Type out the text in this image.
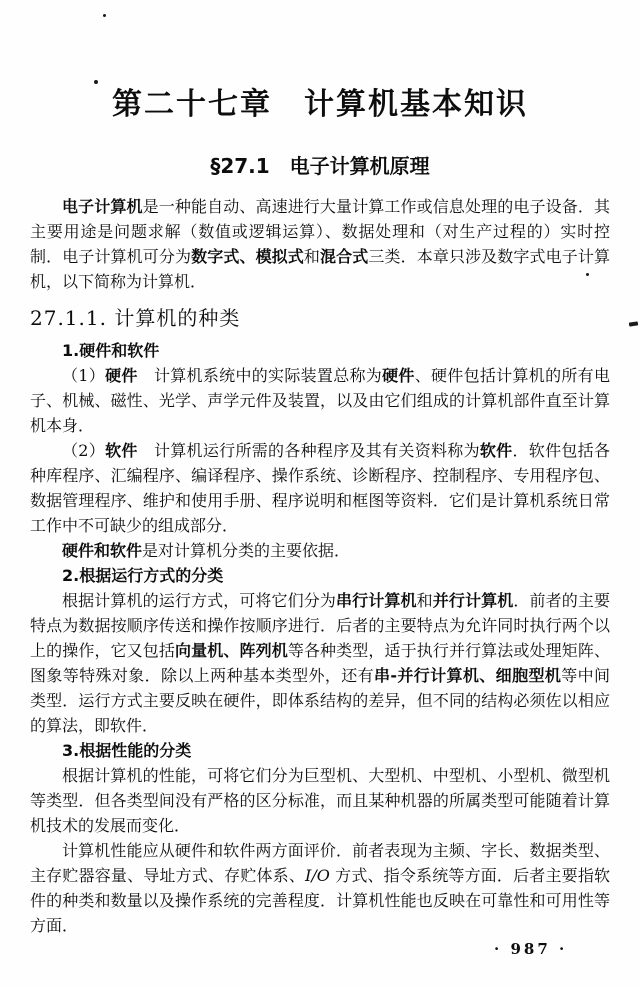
第二十七章　计算机基本知识
§27.1　电子计算机原理
电子计算机是一种能自动、高速进行大量计算工作或信息处理的电子设备．其主要用途是问题求解（数值或逻辑运算）、数据处理和（对生产过程的）实时控制．电子计算机可分为数字式、模拟式和混合式三类．本章只涉及数字式电子计算机，以下简称为计算机．
27.1.1. 计算机的种类
1.硬件和软件
（1）硬件　计算机系统中的实际装置总称为硬件、硬件包括计算机的所有电子、机械、磁性、光学、声学元件及装置，以及由它们组成的计算机部件直至计算机本身．
（2）软件　计算机运行所需的各种程序及其有关资料称为软件．软件包括各种库程序、汇编程序、编译程序、操作系统、诊断程序、控制程序、专用程序包、数据管理程序、维护和使用手册、程序说明和框图等资料．它们是计算机系统日常工作中不可缺少的组成部分．
硬件和软件是对计算机分类的主要依据．
2.根据运行方式的分类
根据计算机的运行方式，可将它们分为串行计算机和并行计算机．前者的主要特点为数据按顺序传送和操作按顺序进行．后者的主要特点为允许同时执行两个以上的操作，它又包括向量机、阵列机等各种类型，适于执行并行算法或处理矩阵、图象等特殊对象．除以上两种基本类型外，还有串-并行计算机、细胞型机等中间类型．运行方式主要反映在硬件，即体系结构的差异，但不同的结构必须佐以相应的算法，即软件．
3.根据性能的分类
根据计算机的性能，可将它们分为巨型机、大型机、中型机、小型机、微型机等类型．但各类型间没有严格的区分标准，而且某种机器的所属类型可能随着计算机技术的发展而变化．
计算机性能应从硬件和软件两方面评价．前者表现为主频、字长、数据类型、主存贮器容量、导址方式、存贮体系、I/O 方式、指令系统等方面．后者主要指软件的种类和数量以及操作系统的完善程度．计算机性能也反映在可靠性和可用性等方面．
· 987 ·
